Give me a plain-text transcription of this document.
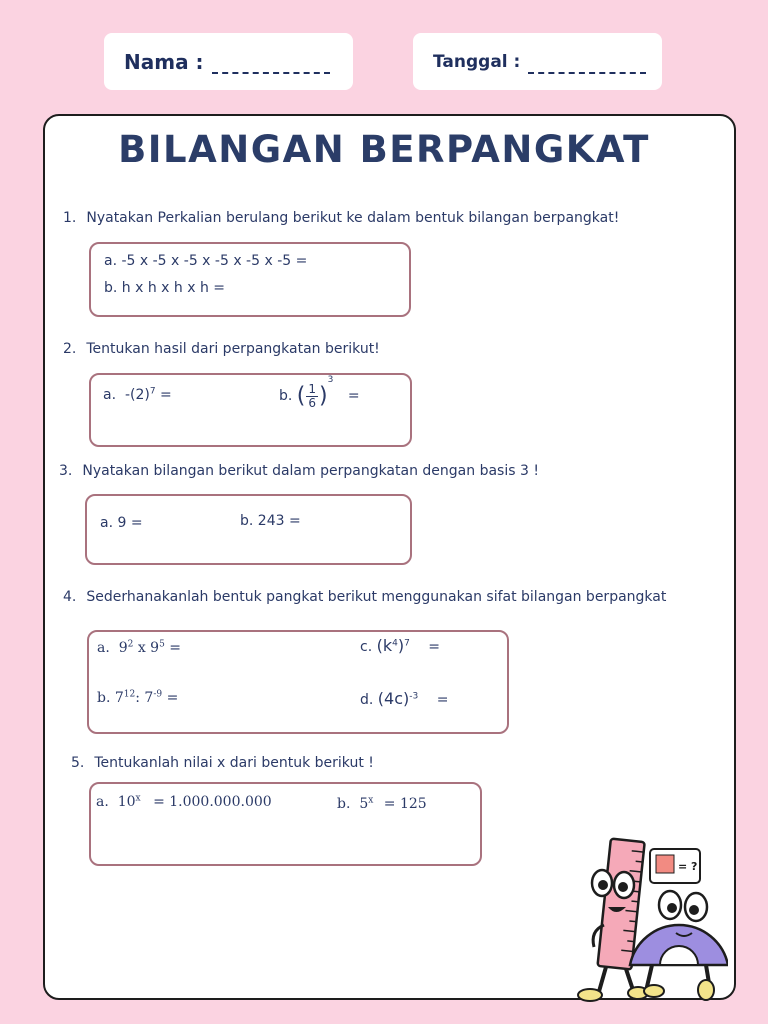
Nama :	Tanggal :
BILANGAN BERPANGKAT
1. Nyatakan Perkalian berulang berikut ke dalam bentuk bilangan berpangkat!
a. -5 x -5 x -5 x -5 x -5 x -5 =
b. h x h x h x h =
2. Tentukan hasil dari perpangkatan berikut!
a. $-(2)^7$ =	b. ( $\frac{1}{6} )^3$ =
3. Nyatakan bilangan berikut dalam perpangkatan dengan basis 3 !
a. 9 =	b. 243 =
4. Sederhanakanlah bentuk pangkat berikut menggunakan sifat bilangan berpangkat
a. $9^2$ x $9^5$ =
b. $7^{12}$: $7^{-9}$ =
c. $(k^4)^7$ =
d. $(4c)^{-3}$ =
5. Tentukanlah nilai x dari bentuk berikut !
a. $10^x = 1.000.000.000$	b. $5^x = 125$
= ?
